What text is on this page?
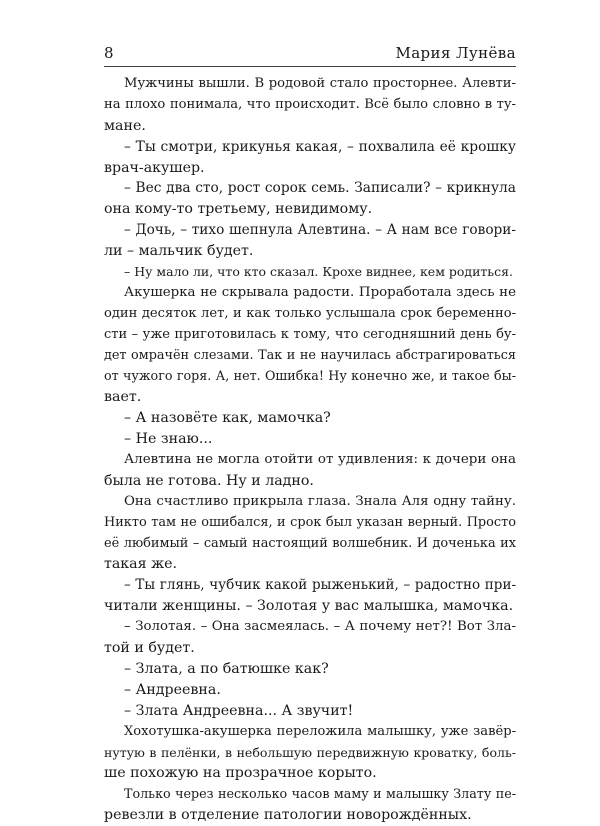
8	Мария Лунёва
Мужчины вышли. В родовой стало просторнее. Алевти-
на плохо понимала, что происходит. Всё было словно в ту-
мане.
– Ты смотри, крикунья какая, – похвалила её крошку
врач-акушер.
– Вес два сто, рост сорок семь. Записали? – крикнула
она кому-то третьему, невидимому.
– Дочь, – тихо шепнула Алевтина. – А нам все говори-
ли – мальчик будет.
– Ну мало ли, что кто сказал. Крохе виднее, кем родиться.
Акушерка не скрывала радости. Проработала здесь не
один десяток лет, и как только услышала срок беременно-
сти – уже приготовилась к тому, что сегодняшний день бу-
дет омрачён слезами. Так и не научилась абстрагироваться
от чужого горя. А, нет. Ошибка! Ну конечно же, и такое бы-
вает.
– А назовёте как, мамочка?
– Не знаю...
Алевтина не могла отойти от удивления: к дочери она
была не готова. Ну и ладно.
Она счастливо прикрыла глаза. Знала Аля одну тайну.
Никто там не ошибался, и срок был указан верный. Просто
её любимый – самый настоящий волшебник. И доченька их
такая же.
– Ты глянь, чубчик какой рыженький, – радостно при-
читали женщины. – Золотая у вас малышка, мамочка.
– Золотая. – Она засмеялась. – А почему нет?! Вот Зла-
той и будет.
– Злата, а по батюшке как?
– Андреевна.
– Злата Андреевна... А звучит!
Хохотушка-акушерка переложила малышку, уже завёр-
нутую в пелёнки, в небольшую передвижную кроватку, боль-
ше похожую на прозрачное корыто.
Только через несколько часов маму и малышку Злату пе-
ревезли в отделение патологии новорождённых.
